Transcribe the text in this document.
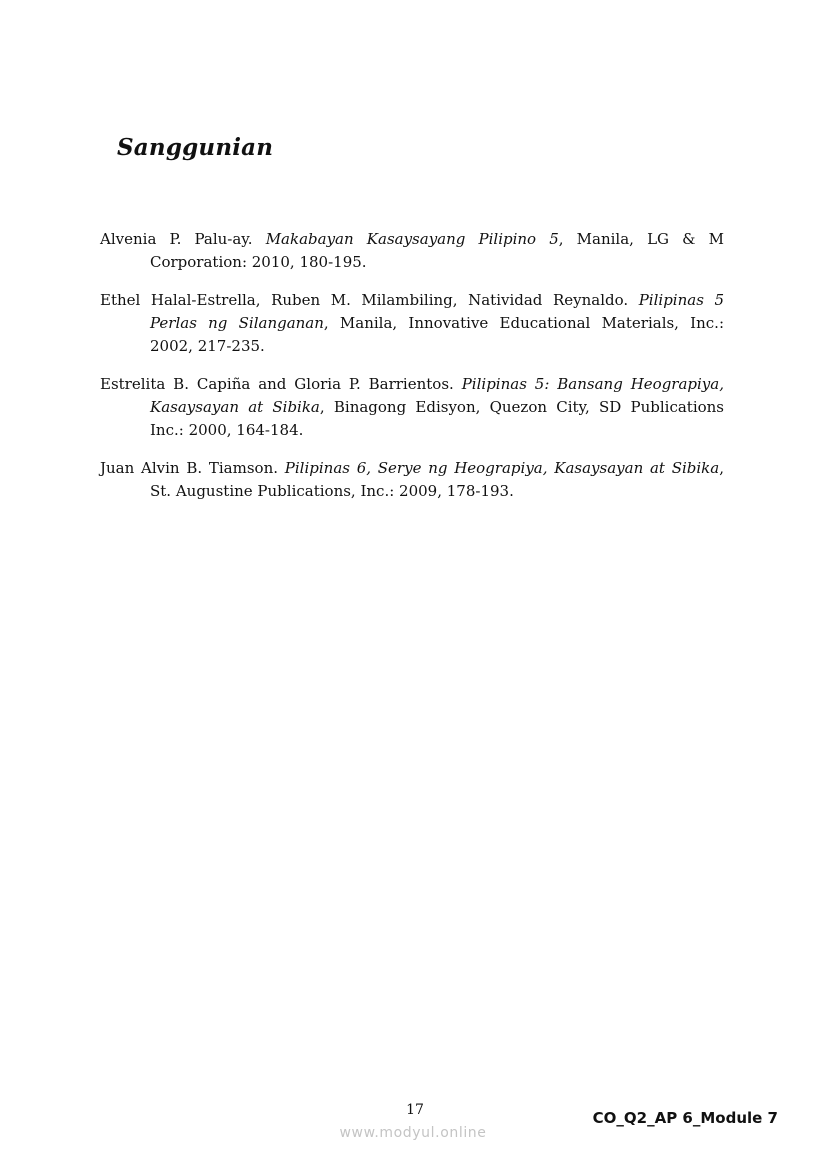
Sanggunian

Alvenia P. Palu-ay. Makabayan Kasaysayang Pilipino 5, Manila, LG & M Corporation: 2010, 180-195.

Ethel Halal-Estrella, Ruben M. Milambiling, Natividad Reynaldo. Pilipinas 5 Perlas ng Silanganan, Manila, Innovative Educational Materials, Inc.: 2002, 217-235.

Estrelita B. Capiña and Gloria P. Barrientos. Pilipinas 5: Bansang Heograpiya, Kasaysayan at Sibika, Binagong Edisyon, Quezon City, SD Publications Inc.: 2000, 164-184.

Juan Alvin B. Tiamson. Pilipinas 6, Serye ng Heograpiya, Kasaysayan at Sibika, St. Augustine Publications, Inc.: 2009, 178-193.

17	CO_Q2_AP 6_Module 7
www.modyul.online
